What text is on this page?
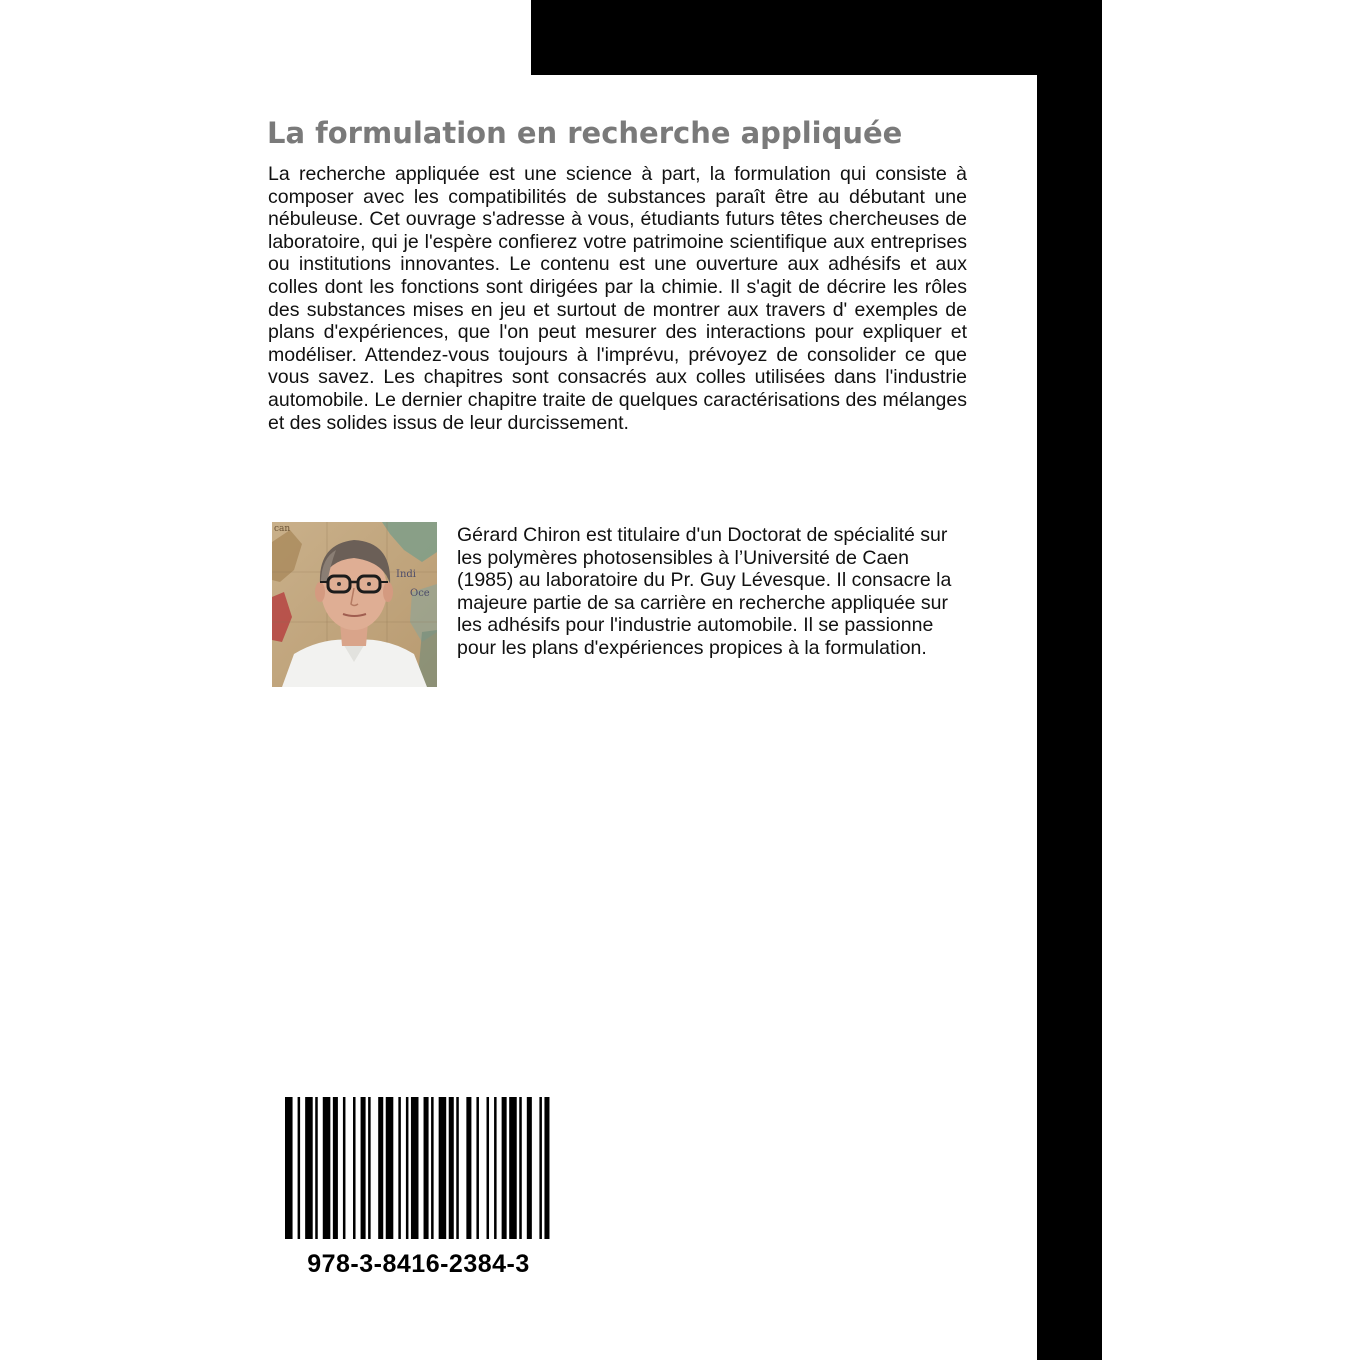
La formulation en recherche appliquée

La recherche appliquée est une science à part, la formulation qui consiste à composer avec les compatibilités de substances paraît être au débutant une nébuleuse. Cet ouvrage s'adresse à vous, étudiants futurs têtes chercheuses de laboratoire, qui je l'espère confierez votre patrimoine scientifique aux entreprises ou institutions innovantes. Le contenu est une ouverture aux adhésifs et aux colles dont les fonctions sont dirigées par la chimie. Il s'agit de décrire les rôles des substances mises en jeu et surtout de montrer aux travers d' exemples de plans d'expériences, que l'on peut mesurer des interactions pour expliquer et modéliser. Attendez-vous toujours à l'imprévu, prévoyez de consolider ce que vous savez. Les chapitres sont consacrés aux colles utilisées dans l'industrie automobile. Le dernier chapitre traite de quelques caractérisations des mélanges et des solides issus de leur durcissement.

can
Indi
Oce

Gérard Chiron est titulaire d'un Doctorat de spécialité sur les polymères photosensibles à l’Université de Caen (1985) au laboratoire du Pr. Guy Lévesque. Il consacre la majeure partie de sa carrière en recherche appliquée sur les adhésifs pour l'industrie automobile. Il se passionne pour les plans d'expériences propices à la formulation.

978-3-8416-2384-3
